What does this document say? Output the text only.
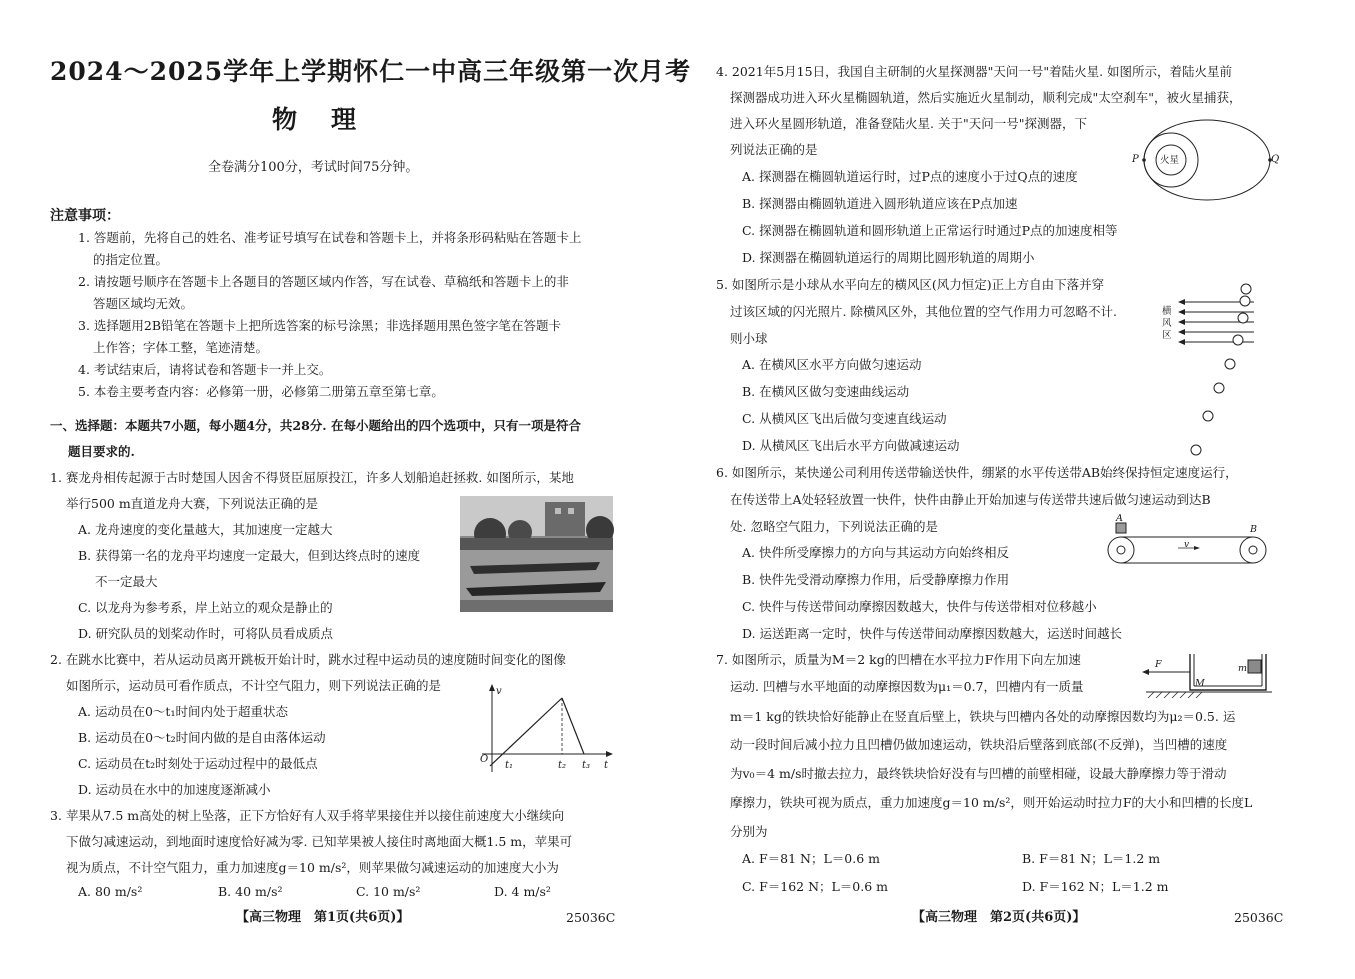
2024～2025学年上学期怀仁一中高三年级第一次月考
物理
全卷满分100分，考试时间75分钟。
注意事项：
1. 答题前，先将自己的姓名、准考证号填写在试卷和答题卡上，并将条形码粘贴在答题卡上
的指定位置。
2. 请按题号顺序在答题卡上各题目的答题区域内作答，写在试卷、草稿纸和答题卡上的非
答题区域均无效。
3. 选择题用2B铅笔在答题卡上把所选答案的标号涂黑；非选择题用黑色签字笔在答题卡
上作答；字体工整，笔迹清楚。
4. 考试结束后，请将试卷和答题卡一并上交。
5. 本卷主要考查内容：必修第一册，必修第二册第五章至第七章。
一、选择题：本题共7小题，每小题4分，共28分. 在每小题给出的四个选项中，只有一项是符合
题目要求的.
1. 赛龙舟相传起源于古时楚国人因舍不得贤臣屈原投江，许多人划船追赶拯救. 如图所示，某地
举行500 m直道龙舟大赛，下列说法正确的是
A. 龙舟速度的变化量越大，其加速度一定越大
B. 获得第一名的龙舟平均速度一定最大，但到达终点时的速度
不一定最大
C. 以龙舟为参考系，岸上站立的观众是静止的
D. 研究队员的划桨动作时，可将队员看成质点
2. 在跳水比赛中，若从运动员离开跳板开始计时，跳水过程中运动员的速度随时间变化的图像
如图所示，运动员可看作质点，不计空气阻力，则下列说法正确的是
A. 运动员在0～t₁时间内处于超重状态
B. 运动员在0～t₂时间内做的是自由落体运动
C. 运动员在t₂时刻处于运动过程中的最低点
D. 运动员在水中的加速度逐渐减小
v
O
t₁	t₂ t₃ t
3. 苹果从7.5 m高处的树上坠落，正下方恰好有人双手将苹果接住并以接住前速度大小继续向
下做匀减速运动，到地面时速度恰好减为零. 已知苹果被人接住时离地面大概1.5 m，苹果可
视为质点，不计空气阻力，重力加速度g＝10 m/s²，则苹果做匀减速运动的加速度大小为
A. 80 m/s²	B. 40 m/s²	C. 10 m/s²	D. 4 m/s²
【高三物理　第1页(共6页)】	25036C
4. 2021年5月15日，我国自主研制的火星探测器"天问一号"着陆火星. 如图所示，着陆火星前
探测器成功进入环火星椭圆轨道，然后实施近火星制动，顺利完成"太空刹车"，被火星捕获，
进入环火星圆形轨道，准备登陆火星. 关于"天问一号"探测器，下
列说法正确的是
A. 探测器在椭圆轨道运行时，过P点的速度小于过Q点的速度
B. 探测器由椭圆轨道进入圆形轨道应该在P点加速
C. 探测器在椭圆轨道和圆形轨道上正常运行时通过P点的加速度相等
D. 探测器在椭圆轨道运行的周期比圆形轨道的周期小
火星
P	Q
5. 如图所示是小球从水平向左的横风区(风力恒定)正上方自由下落并穿
过该区域的闪光照片. 除横风区外，其他位置的空气作用力可忽略不计.
则小球
A. 在横风区水平方向做匀速运动
B. 在横风区做匀变速曲线运动
C. 从横风区飞出后做匀变速直线运动
D. 从横风区飞出后水平方向做减速运动
横
风
区
6. 如图所示，某快递公司利用传送带输送快件，绷紧的水平传送带AB始终保持恒定速度运行，
在传送带上A处轻轻放置一快件，快件由静止开始加速与传送带共速后做匀速运动到达B
处. 忽略空气阻力，下列说法正确的是
A. 快件所受摩擦力的方向与其运动方向始终相反
B. 快件先受滑动摩擦力作用，后受静摩擦力作用
C. 快件与传送带间动摩擦因数越大，快件与传送带相对位移越小
D. 运送距离一定时，快件与传送带间动摩擦因数越大，运送时间越长
A
B
v
7. 如图所示，质量为M＝2 kg的凹槽在水平拉力F作用下向左加速
运动. 凹槽与水平地面的动摩擦因数为μ₁＝0.7，凹槽内有一质量
m＝1 kg的铁块恰好能静止在竖直后壁上，铁块与凹槽内各处的动摩擦因数均为μ₂＝0.5. 运
动一段时间后减小拉力且凹槽仍做加速运动，铁块沿后壁落到底部(不反弹)，当凹槽的速度
为v₀＝4 m/s时撤去拉力，最终铁块恰好没有与凹槽的前壁相碰，设最大静摩擦力等于滑动
摩擦力，铁块可视为质点，重力加速度g＝10 m/s²，则开始运动时拉力F的大小和凹槽的长度L
分别为
A. F＝81 N；L＝0.6 m	B. F＝81 N；L＝1.2 m
C. F＝162 N；L＝0.6 m	D. F＝162 N；L＝1.2 m
F	m
M
【高三物理　第2页(共6页)】	25036C
